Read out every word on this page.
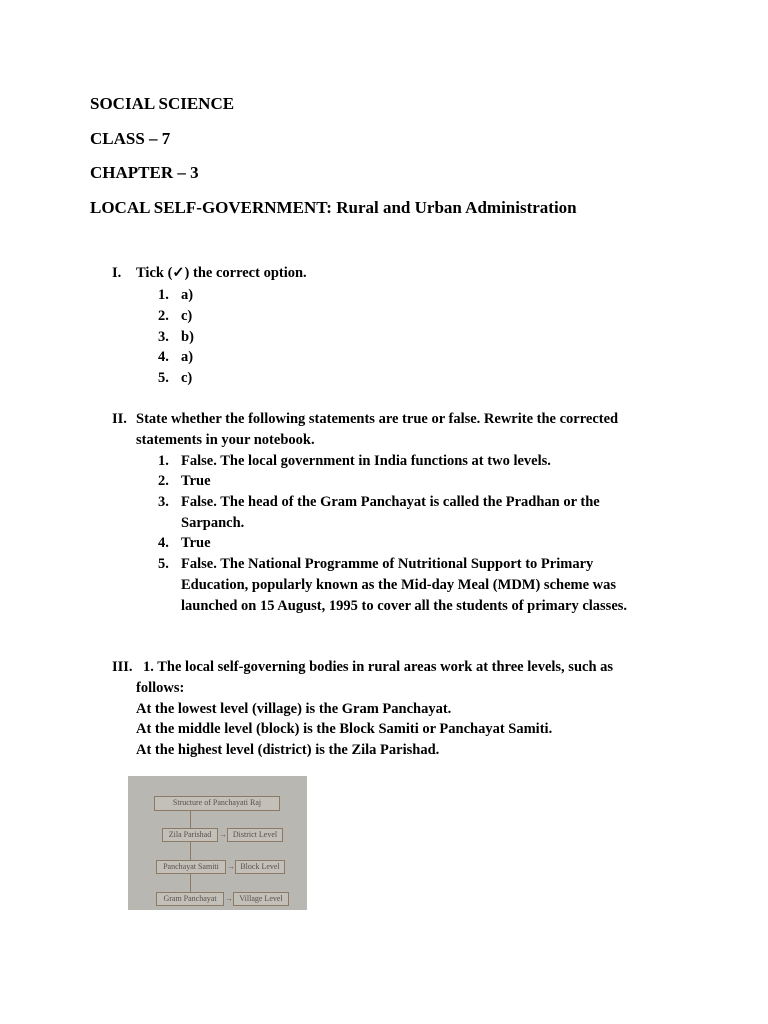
SOCIAL SCIENCE
CLASS – 7
CHAPTER – 3
LOCAL SELF-GOVERNMENT: Rural and Urban Administration
I. Tick (✓) the correct option.
1. a)
2. c)
3. b)
4. a)
5. c)
II. State whether the following statements are true or false. Rewrite the corrected
statements in your notebook.
1. False. The local government in India functions at two levels.
2. True
3. False. The head of the Gram Panchayat is called the Pradhan or the
Sarpanch.
4. True
5. False. The National Programme of Nutritional Support to Primary
Education, popularly known as the Mid-day Meal (MDM) scheme was
launched on 15 August, 1995 to cover all the students of primary classes.
III. 1. The local self-governing bodies in rural areas work at three levels, such as
follows:
At the lowest level (village) is the Gram Panchayat.
At the middle level (block) is the Block Samiti or Panchayat Samiti.
At the highest level (district) is the Zila Parishad.
Structure of Panchayati Raj
Zila Parishad → District Level
Panchayat Samiti	→ Block Level
Gram Panchayat	→ Village Level
